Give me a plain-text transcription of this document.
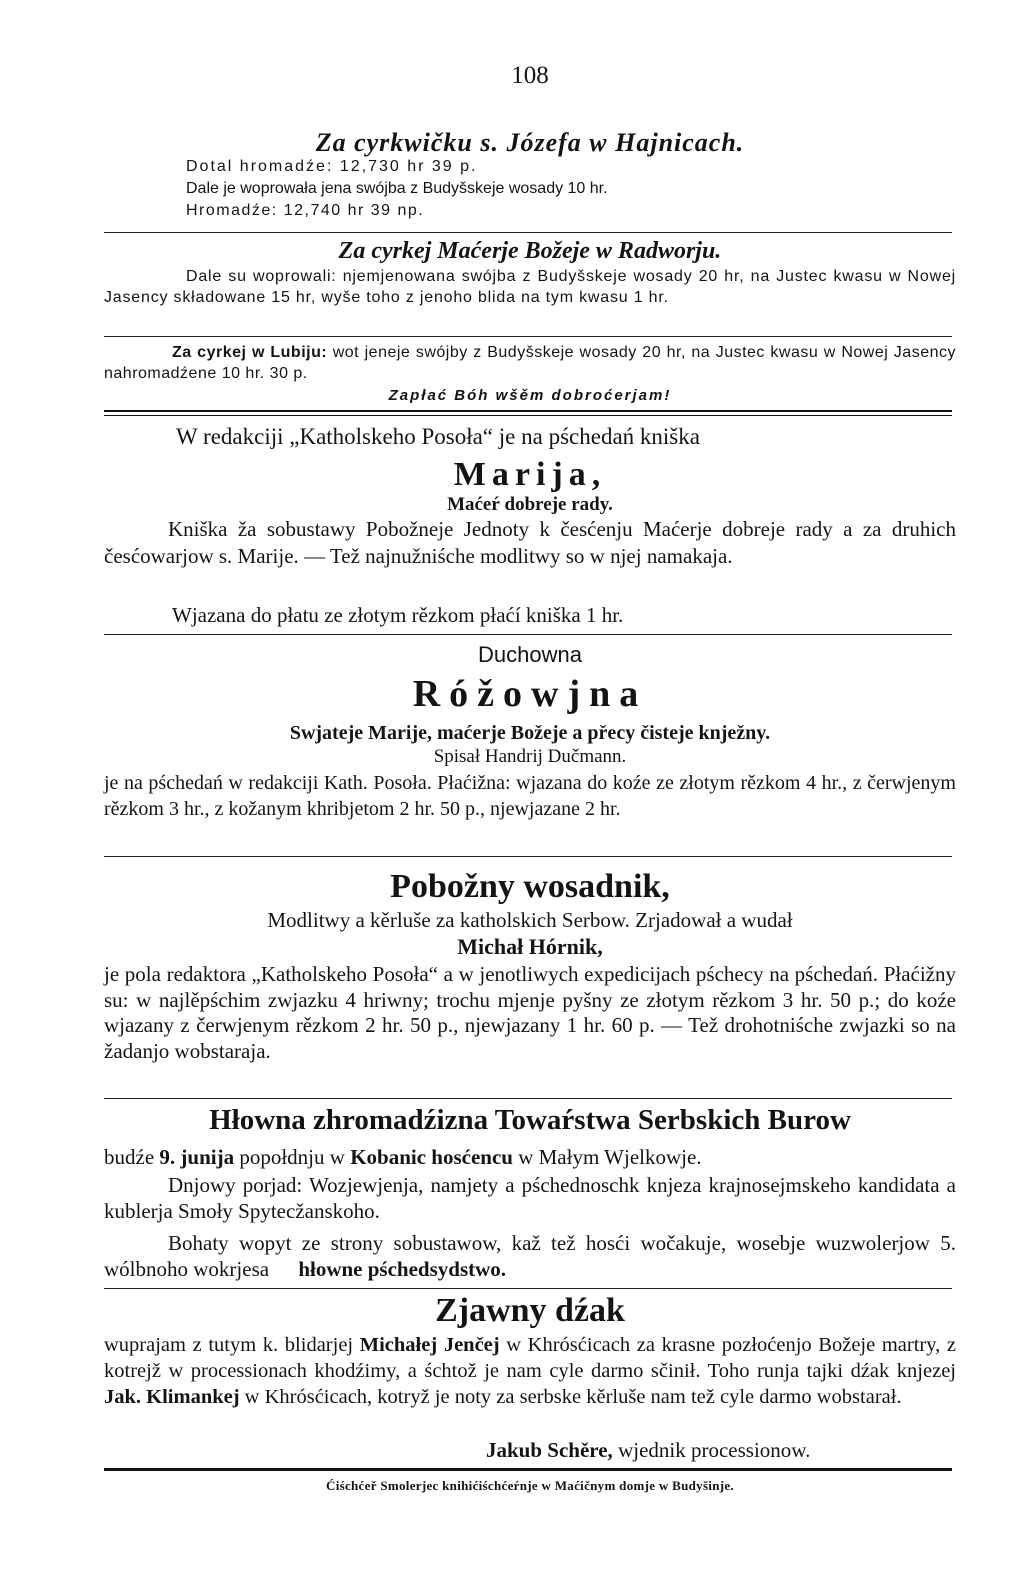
108
Za cyrkwičku s. Józefa w Hajnicach.
Dotal hromadźe: 12,730 hr 39 p.
Dale je woprowała jena swójba z Budyšskeje wosady 10 hr.
Hromadźe: 12,740 hr 39 np.
Za cyrkej Maćerje Božeje w Radworju.

Dale su woprowali: njemjenowana swójba z Budyšskeje wosady 20 hr, na Justec kwasu w Nowej Jasency składowane 15 hr, wyše toho z jenoho blida na tym kwasu 1 hr.

Za cyrkej w Lubiju: wot jeneje swójby z Budyšskeje wosady 20 hr, na Justec kwasu w Nowej Jasency nahromadźene 10 hr. 30 p.

Zapłać Bóh wšěm dobroćerjam!
W redakciji „Katholskeho Posoła“ je na pśchedań kniška
Marija,
Maćeŕ dobreje rady.

Kniška ža sobustawy Pobožneje Jednoty k česćenju Maćerje dobreje rady a za druhich česćowarjow s. Marije. — Tež najnužniśche modlitwy so w njej namakaja.

Wjazana do płatu ze złotym rězkom płaćí kniška 1 hr.
Duchowna
Róžowjna
Swjateje Marije, maćerje Božeje a přecy čisteje knježny.
Spisał Handrij Dučmann.

je na pśchedań w redakciji Kath. Posoła. Płaćižna: wjazana do koźe ze złotym rězkom 4 hr., z čerwjenym rězkom 3 hr., z kožanym khribjetom 2 hr. 50 p., njewjazane 2 hr.

Pobožny wosadnik,
Modlitwy a kěrluše za katholskich Serbow. Zrjadował a wudał
Michał Hórnik,

je pola redaktora „Katholskeho Posoła“ a w jenotliwych expedicijach pśchecy na pśchedań. Płaćižny su: w najlěpśchim zwjazku 4 hriwny; trochu mjenje pyšny ze złotym rězkom 3 hr. 50 p.; do koźe wjazany z čerwjenym rězkom 2 hr. 50 p., njewjazany 1 hr. 60 p. — Tež drohotniśche zwjazki so na žadanjo wobstaraja.

Hłowna zhromadźizna Towaŕstwa Serbskich Burow

budźe 9. junija popołdnju w Kobanic hosćencu w Małym Wjelkowje.

Dnjowy porjad: Wozjewjenja, namjety a pśchednoschk knjeza krajnosejmskeho kandidata a kublerja Smoły Spytecžanskoho.

Bohaty wopyt ze strony sobustawow, kaž tež hosći wočakuje, wosebje wuzwolerjow 5. wólbnoho wokrjesa hłowne pśchedsydstwo.

Zjawny dźak

wuprajam z tutym k. blidarjej Michałej Jenčej w Khrósćicach za krasne pozłoćenjo Božeje martry, z kotrejž w processionach khodźimy, a śchtož je nam cyle darmo sčinił. Toho runja tajki dźak knjezej Jak. Klimankej w Khrósćicach, kotryž je noty za serbske kěrluše nam tež cyle darmo wobstarał.

Jakub Schěre, wjednik processionow.
Ćiśchćeř Smolerjec knihićiśchćeŕnje w Maćičnym domje w Budyšinje.
